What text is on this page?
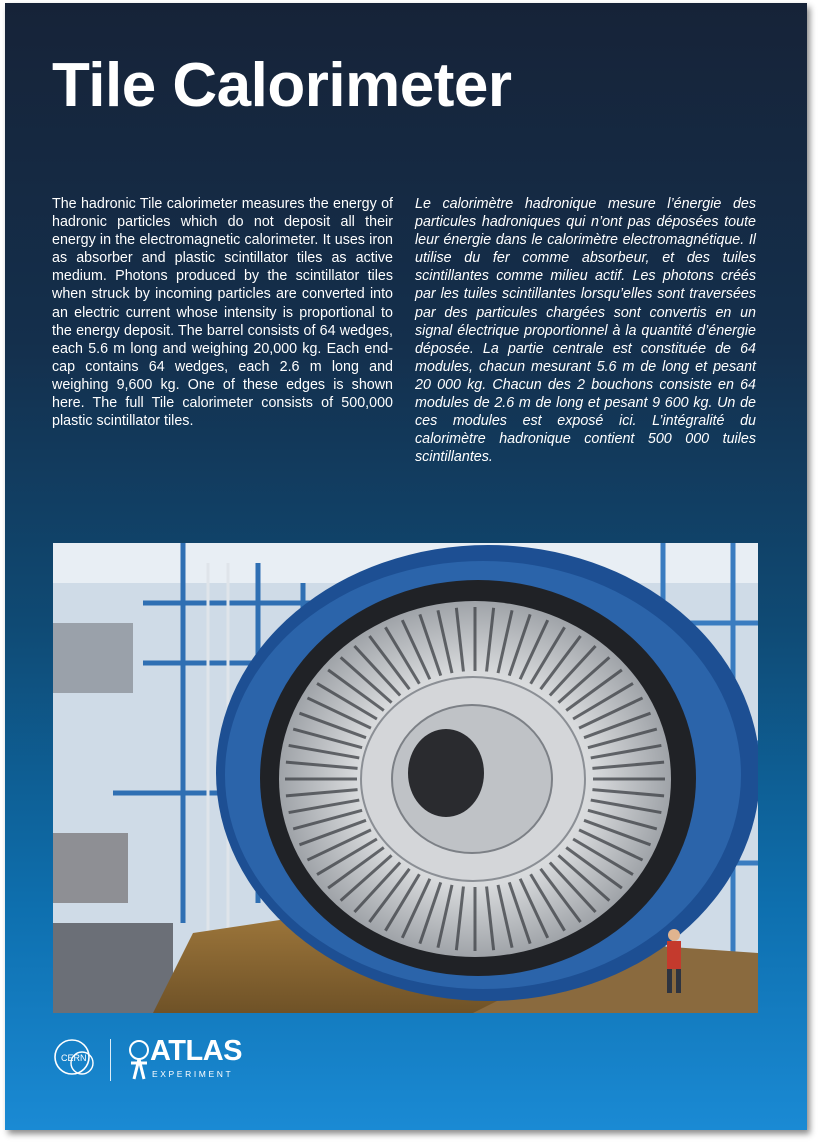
Tile Calorimeter

The hadronic Tile calorimeter measures the energy of hadronic particles which do not deposit all their energy in the electromagnetic calorimeter. It uses iron as absorber and plastic scintillator tiles as active medium. Photons produced by the scintillator tiles when struck by incoming particles are converted into an electric current whose intensity is proportional to the energy deposit. The barrel consists of 64 wedges, each 5.6 m long and weighing 20,000 kg. Each end-cap contains 64 wedges, each 2.6 m long and weighing 9,600 kg. One of these edges is shown here. The full Tile calorimeter consists of 500,000 plastic scintillator tiles.

Le calorimètre hadronique mesure l’énergie des particules hadroniques qui n’ont pas déposées toute leur énergie dans le calorimètre electromagnétique. Il utilise du fer comme absorbeur, et des tuiles scintillantes comme milieu actif. Les photons créés par les tuiles scintillantes lorsqu’elles sont traversées par des particules chargées sont convertis en un signal électrique proportionnel à la quantité d’énergie déposée. La partie centrale est constituée de 64 modules, chacun mesurant 5.6 m de long et pesant 20 000 kg. Chacun des 2 bouchons consiste en 64 modules de 2.6 m de long et pesant 9 600 kg. Un de ces modules est exposé ici. L’intégralité du calorimètre hadronique contient 500 000 tuiles scintillantes.

CERN ATLAS
EXPERIMENT
